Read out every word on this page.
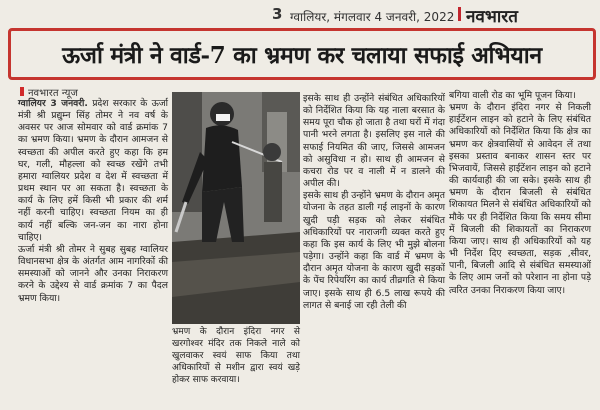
3 ग्वालियर, मंगलवार 4 जनवरी, 2022 नवभारत
ऊर्जा मंत्री ने वार्ड-7 का भ्रमण कर चलाया सफाई अभियान
नवभारत न्यूज

ग्वालियर 3 जनवरी. प्रदेश सरकार के ऊर्जा मंत्री श्री प्रद्युम्न सिंह तोमर ने नव वर्ष के अवसर पर आज सोमवार को वार्ड क्रमांक 7 का भ्रमण किया। भ्रमण के दौरान आमजन से स्वच्छता की अपील करते हुए कहा कि हम घर, गली, मौहल्ला को स्वच्छ रखेंगे तभी हमारा ग्वालियर प्रदेश व देश में स्वच्छता में प्रथम स्थान पर आ सकता है। स्वच्छता के कार्य के लिए हमें किसी भी प्रकार की शर्म नहीं करनी चाहिए। स्वच्छता नियम का ही कार्य नहीं बल्कि जन-जन का नारा होना चाहिए।

ऊर्जा मंत्री श्री तोमर ने सुबह सुबह ग्वालियर विधानसभा क्षेत्र के अंतर्गत आम नागरिकों की समस्याओं को जानने और उनका निराकरण करने के उद्देश्य से वार्ड क्रमांक 7 का पैदल भ्रमण किया।

भ्रमण के दौरान इंदिरा नगर से खरगोश्वर मंदिर तक निकले नाले को खुलवाकर स्वयं साफ किया तथा अधिकारियों से मशीन द्वारा स्वयं खड़े होकर साफ करवाया।

इसके साथ ही उन्होंने संबंधित अधिकारियों को निर्देशित किया कि यह नाला बरसात के समय पूरा चौक हो जाता है तथा घरों में गंदा पानी भरने लगता है। इसलिए इस नाले की सफाई नियमित की जाए, जिससे आमजन को असुविधा न हो। साथ ही आमजन से कचरा रोड पर व नाली में न डालने की अपील की।

इसके साथ ही उन्होंने भ्रमण के दौरान अमृत योजना के तहत डाली गई लाइनों के कारण खुदी पड़ी सड़क को लेकर संबंधित अधिकारियों पर नाराजगी व्यक्त करते हुए कहा कि इस कार्य के लिए भी मुझे बोलना पड़ेगा। उन्होंने कहा कि वार्ड में भ्रमण के दौरान अमृत योजना के कारण खुदी सड़कों के पेंच रिपेयरिंग का कार्य तीव्रगति से किया जाए। इसके साथ ही 6.5 लाख रूपये की लागत से बनाई जा रही तेली की

बगिया वाली रोड का भूमि पूजन किया।

भ्रमण के दौरान इंदिरा नगर से निकली हाईटेंशन लाइन को हटाने के लिए संबंधित अधिकारियों को निर्देशित किया कि क्षेत्र का भ्रमण कर क्षेत्रवासियों से आवेदन लें तथा इसका प्रस्ताव बनाकर शासन स्तर पर भिजवायें, जिससे हाईटेंशन लाइन को हटाने की कार्यवाही की जा सके। इसके साथ ही भ्रमण के दौरान बिजली से संबंधित शिकायत मिलने से संबंधित अधिकारियों को मौके पर ही निर्देशित किया कि समय सीमा में बिजली की शिकायतों का निराकरण किया जाए। साथ ही अधिकारियों को यह भी निर्देश दिए स्वच्छता, सड़क ,सीवर, पानी, बिजली आदि से संबंधित समस्याओं के लिए आम जनों को परेशान ना होना पड़े त्वरित उनका निराकरण किया जाए।
